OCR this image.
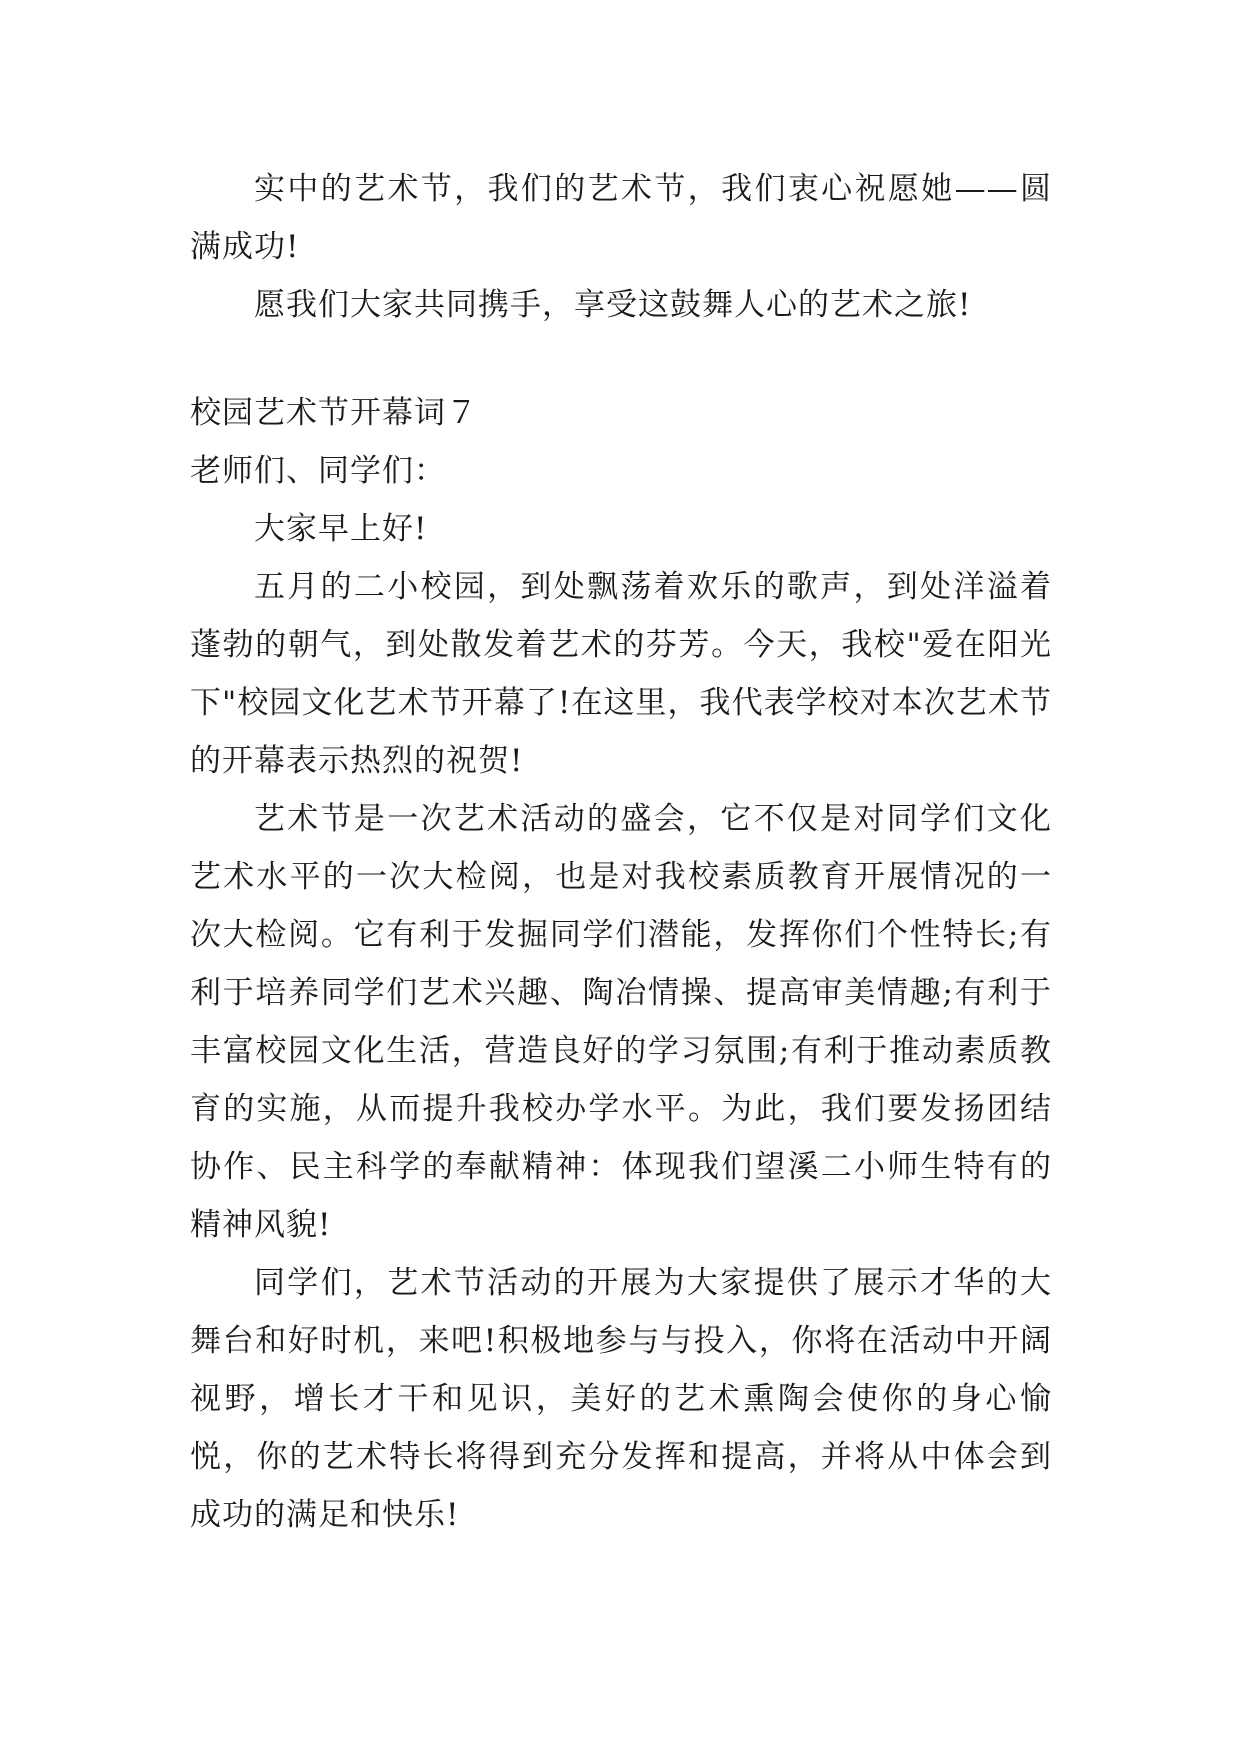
实中的艺术节，我们的艺术节，我们衷心祝愿她——圆满成功!

愿我们大家共同携手，享受这鼓舞人心的艺术之旅!

校园艺术节开幕词７

老师们、同学们：

大家早上好!

五月的二小校园，到处飘荡着欢乐的歌声，到处洋溢着蓬勃的朝气，到处散发着艺术的芬芳。今天，我校"爱在阳光下"校园文化艺术节开幕了!在这里，我代表学校对本次艺术节的开幕表示热烈的祝贺!

艺术节是一次艺术活动的盛会，它不仅是对同学们文化艺术水平的一次大检阅，也是对我校素质教育开展情况的一次大检阅。它有利于发掘同学们潜能，发挥你们个性特长;有利于培养同学们艺术兴趣、陶冶情操、提高审美情趣;有利于丰富校园文化生活，营造良好的学习氛围;有利于推动素质教育的实施，从而提升我校办学水平。为此，我们要发扬团结协作、民主科学的奉献精神：体现我们望溪二小师生特有的精神风貌!

同学们，艺术节活动的开展为大家提供了展示才华的大舞台和好时机，来吧!积极地参与与投入，你将在活动中开阔视野，增长才干和见识，美好的艺术熏陶会使你的身心愉悦，你的艺术特长将得到充分发挥和提高，并将从中体会到成功的满足和快乐!
